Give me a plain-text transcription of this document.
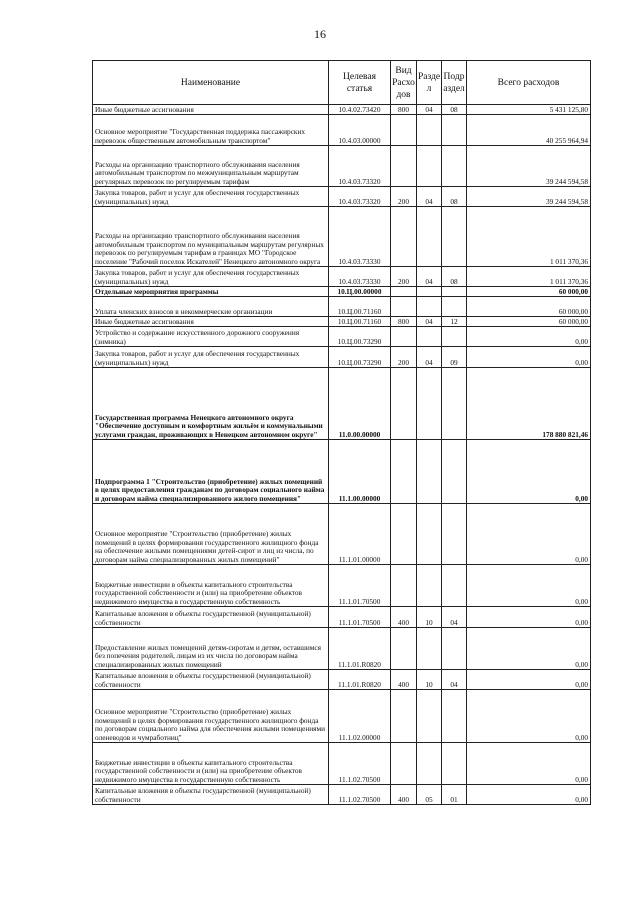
16
Наименование	Целевая статья	Вид Расхо дов	Разде л	Подр аздел	Всего расходов
Иные бюджетные ассигнования	10.4.02.73420	800	04	08	5 431 125,80
Основное мероприятие "Государственная поддержка пассажирских перевозок общественным автомобильным транспортом"	10.4.03.00000				40 255 964,94
Расходы на организацию транспортного обслуживания населения автомобильным транспортом по межмуниципальным маршрутам регулярных перевозок по регулируемым тарифам	10.4.03.73320				39 244 594,58
Закупка товаров, работ и услуг для обеспечения государственных (муниципальных) нужд	10.4.03.73320	200	04	08	39 244 594,58
Расходы на организацию транспортного обслуживания населения автомобильным транспортом по муниципальным маршрутам регулярных перевозок по регулируемым тарифам в границах МО "Городское поселение "Рабочий поселок Искателей" Ненецкого автономного округа	10.4.03.73330				1 011 370,36
Закупка товаров, работ и услуг для обеспечения государственных (муниципальных) нужд	10.4.03.73330	200	04	08	1 011 370,36
Отдельные мероприятия программы	10.Ц.00.00000				60 000,00
Уплата членских взносов в некоммерческие организации	10.Ц.00.71160				60 000,00
Иные бюджетные ассигнования	10.Ц.00.71160	800	04	12	60 000,00
Устройство и содержание искусственного дорожного сооружения (зимника)	10.Ц.00.73290				0,00
Закупка товаров, работ и услуг для обеспечения государственных (муниципальных) нужд	10.Ц.00.73290	200	04	09	0,00
Государственная программа Ненецкого автономного округа "Обеспечение доступным и комфортным жильём и коммунальными услугами граждан, проживающих в Ненецком автономном округе"	11.0.00.00000				178 880 821,46
Подпрограмма 1 "Строительство (приобретение) жилых помещений в целях предоставления гражданам по договорам социального найма и договорам найма специализированного жилого помещения"	11.1.00.00000				0,00
Основное мероприятие "Строительство (приобретение) жилых помещений в целях формирования государственного жилищного фонда на обеспечение жилыми помещениями детей-сирот и лиц из числа, по договорам найма специализированных жилых помещений"	11.1.01.00000				0,00
Бюджетные инвестиции в объекты капитального строительства государственной собственности и (или) на приобретение объектов недвижимого имущества в государственную собственность	11.1.01.70500				0,00
Капитальные вложения в объекты государственной (муниципальной) собственности	11.1.01.70500	400	10	04	0,00
Предоставление жилых помещений детям-сиротам и детям, оставшимся без попечения родителей, лицам из их числа по договорам найма специализированных жилых помещений	11.1.01.R0820				0,00
Капитальные вложения в объекты государственной (муниципальной) собственности	11.1.01.R0820	400	10	04	0,00
Основное мероприятие "Строительство (приобретение) жилых помещений в целях формирования государственного жилищного фонда по договорам социального найма для обеспечения жилыми помещениями оленеводов и чумработниц"	11.1.02.00000				0,00
Бюджетные инвестиции в объекты капитального строительства государственной собственности и (или) на приобретение объектов недвижимого имущества в государственную собственность	11.1.02.70500				0,00
Капитальные вложения в объекты государственной (муниципальной) собственности	11.1.02.70500	400	05	01	0,00
